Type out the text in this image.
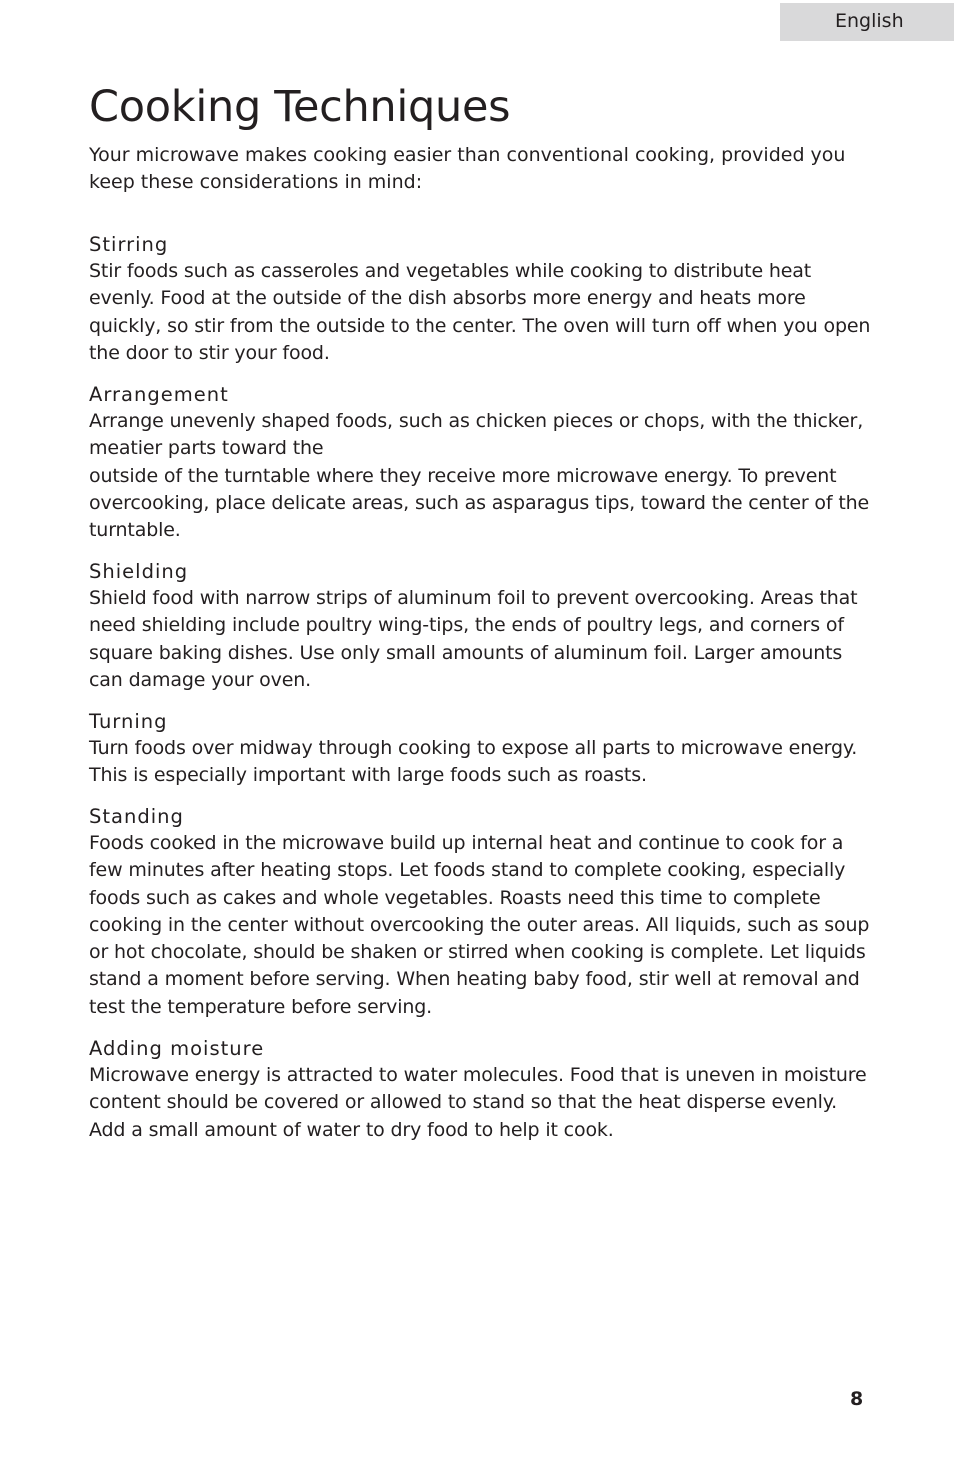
English
Cooking Techniques

Your microwave makes cooking easier than conventional cooking, provided you keep these considerations in mind:

Stirring

Stir foods such as casseroles and vegetables while cooking to distribute heat evenly. Food at the outside of the dish absorbs more energy and heats more quickly, so stir from the outside to the center. The oven will turn off when you open the door to stir your food.

Arrangement

Arrange unevenly shaped foods, such as chicken pieces or chops, with the thicker, meatier parts toward the

outside of the turntable where they receive more microwave energy. To prevent overcooking, place delicate areas, such as asparagus tips, toward the center of the turntable.

Shielding

Shield food with narrow strips of aluminum foil to prevent overcooking. Areas that need shielding include poultry wing-tips, the ends of poultry legs, and corners of square baking dishes. Use only small amounts of aluminum foil. Larger amounts can damage your oven.

Turning

Turn foods over midway through cooking to expose all parts to microwave energy. This is especially important with large foods such as roasts.

Standing

Foods cooked in the microwave build up internal heat and continue to cook for a few minutes after heating stops. Let foods stand to complete cooking, especially foods such as cakes and whole vegetables. Roasts need this time to complete cooking in the center without overcooking the outer areas. All liquids, such as soup or hot chocolate, should be shaken or stirred when cooking is complete. Let liquids stand a moment before serving. When heating baby food, stir well at removal and test the temperature before serving.

Adding moisture

Microwave energy is attracted to water molecules. Food that is uneven in moisture content should be covered or allowed to stand so that the heat disperse evenly. Add a small amount of water to dry food to help it cook.

8
